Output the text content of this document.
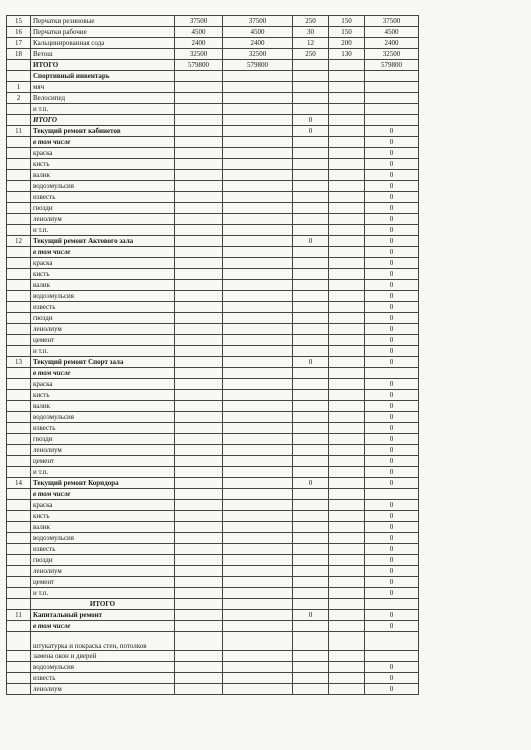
15	Перчатки резиновые	37500	37500	250	150	37500
16	Перчатки рабочие	4500	4500	30	150	4500
17	Кальцинированная сода	2400	2400	12	200	2400
18	Ветош	32500	32500	250	130	32500
	ИТОГО	579800	579800			579800
	Спортивный инвентарь					
1	мяч					
2	Велосипед					
	и т.п.					
	ИТОГО			0		
11	Текущий ремонт кабинетов			0		0
	в том числе					0
	краска					0
	кисть					0
	валик					0
	водоэмульсия					0
	известь					0
	гвозди					0
	ленолиум					0
	и т.п.					0
12	Текущий ремонт Актового зала			0		0
	в том числе					0
	краска					0
	кисть					0
	валик					0
	водоэмульсия					0
	известь					0
	гвозди					0
	ленолиум					0
	цемент					0
	и т.п.					0
13	Текущий ремонт Спорт зала			0		0
	в том числе					
	краска					0
	кисть					0
	валик					0
	водоэмульсия					0
	известь					0
	гвозди					0
	ленолиум					0
	цемент					0
	и т.п.					0
14	Текущий ремонт Коридора			0		0
	в том числе					
	краска					0
	кисть					0
	валик					0
	водоэмульсия					0
	известь					0
	гвозди					0
	ленолиум					0
	цемент					0
	и т.п.					0
	ИТОГО					
11	Капитальный ремонт			0		0
	в том числе					0
	штукатурка и покраска стен, потолков					
	замена окон и дверей					
	водоэмульсия					0
	известь					0
	ленолиум					0
